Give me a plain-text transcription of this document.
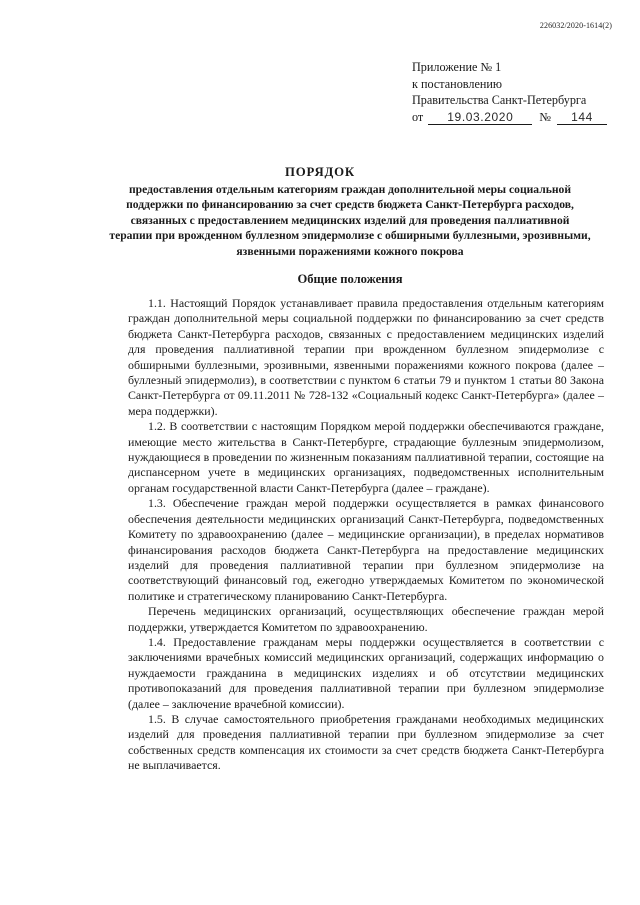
226032/2020-1614(2)
Приложение № 1
к постановлению
Правительства Санкт-Петербурга
от 19.03.2020 № 144
ПОРЯДОК
предоставления отдельным категориям граждан дополнительной меры социальной поддержки по финансированию за счет средств бюджета Санкт-Петербурга расходов, связанных с предоставлением медицинских изделий для проведения паллиативной терапии при врожденном буллезном эпидермолизе с обширными буллезными, эрозивными, язвенными поражениями кожного покрова
Общие положения

1.1. Настоящий Порядок устанавливает правила предоставления отдельным категориям граждан дополнительной меры социальной поддержки по финансированию за счет средств бюджета Санкт-Петербурга расходов, связанных с предоставлением медицинских изделий для проведения паллиативной терапии при врожденном буллезном эпидермолизе с обширными буллезными, эрозивными, язвенными поражениями кожного покрова (далее – буллезный эпидермолиз), в соответствии с пунктом 6 статьи 79 и пунктом 1 статьи 80 Закона Санкт-Петербурга от 09.11.2011 № 728-132 «Социальный кодекс Санкт-Петербурга» (далее – мера поддержки).

1.2. В соответствии с настоящим Порядком мерой поддержки обеспечиваются граждане, имеющие место жительства в Санкт-Петербурге, страдающие буллезным эпидермолизом, нуждающиеся в проведении по жизненным показаниям паллиативной терапии, состоящие на диспансерном учете в медицинских организациях, подведомственных исполнительным органам государственной власти Санкт-Петербурга (далее – граждане).

1.3. Обеспечение граждан мерой поддержки осуществляется в рамках финансового обеспечения деятельности медицинских организаций Санкт-Петербурга, подведомственных Комитету по здравоохранению (далее – медицинские организации), в пределах нормативов финансирования расходов бюджета Санкт-Петербурга на предоставление медицинских изделий для проведения паллиативной терапии при буллезном эпидермолизе на соответствующий финансовый год, ежегодно утверждаемых Комитетом по экономической политике и стратегическому планированию Санкт-Петербурга.

Перечень медицинских организаций, осуществляющих обеспечение граждан мерой поддержки, утверждается Комитетом по здравоохранению.

1.4. Предоставление гражданам меры поддержки осуществляется в соответствии с заключениями врачебных комиссий медицинских организаций, содержащих информацию о нуждаемости гражданина в медицинских изделиях и об отсутствии медицинских противопоказаний для проведения паллиативной терапии при буллезном эпидермолизе (далее – заключение врачебной комиссии).

1.5. В случае самостоятельного приобретения гражданами необходимых медицинских изделий для проведения паллиативной терапии при буллезном эпидермолизе за счет собственных средств компенсация их стоимости за счет средств бюджета Санкт-Петербурга не выплачивается.
